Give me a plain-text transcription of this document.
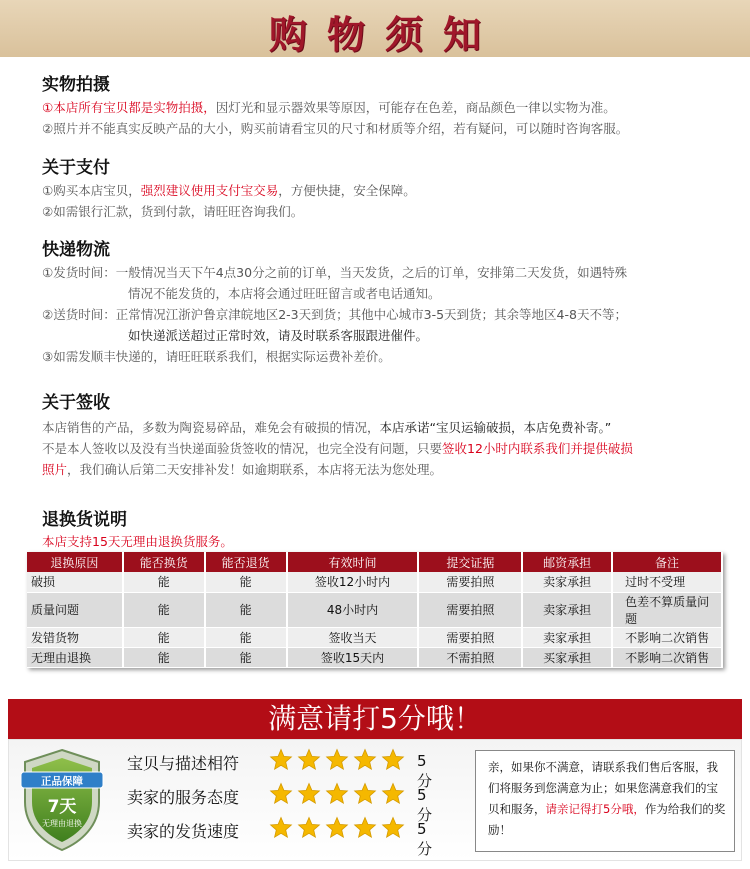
购物须知
实物拍摄
①本店所有宝贝都是实物拍摄，因灯光和显示器效果等原因，可能存在色差，商品颜色一律以实物为准。
②照片并不能真实反映产品的大小，购买前请看宝贝的尺寸和材质等介绍，若有疑问，可以随时咨询客服。
关于支付
①购买本店宝贝，强烈建议使用支付宝交易，方便快捷，安全保障。
②如需银行汇款，货到付款，请旺旺咨询我们。
快递物流
①发货时间：一般情况当天下午4点30分之前的订单，当天发货，之后的订单，安排第二天发货，如遇特殊
情况不能发货的，本店将会通过旺旺留言或者电话通知。
②送货时间：正常情况江浙沪鲁京津皖地区2-3天到货；其他中心城市3-5天到货；其余等地区4-8天不等；
如快递派送超过正常时效，请及时联系客服跟进催件。
③如需发顺丰快递的，请旺旺联系我们，根据实际运费补差价。
关于签收
本店销售的产品，多数为陶瓷易碎品，难免会有破损的情况，本店承诺“宝贝运输破损，本店免费补寄。”
不是本人签收以及没有当快递面验货签收的情况，也完全没有问题，只要签收12小时内联系我们并提供破损
照片，我们确认后第二天安排补发！如逾期联系，本店将无法为您处理。
退换货说明
本店支持15天无理由退换货服务。
退换原因	能否换货	能否退货	有效时间	提交证据	邮资承担	备注
破损	能	能	签收12小时内	需要拍照	卖家承担	过时不受理
质量问题	能	能	48小时内	需要拍照	卖家承担	色差不算质量问题
发错货物	能	能	签收当天	需要拍照	卖家承担	不影响二次销售
无理由退换	能	能	签收15天内	不需拍照	买家承担	不影响二次销售
满意请打5分哦！
正品保障
7天
无理由退换
宝贝与描述相符	5分
卖家的服务态度	5分
卖家的发货速度	5分
亲，如果你不满意，请联系我们售后客服，我们将服务到您满意为止；如果您满意我们的宝贝和服务，请亲记得打5分哦，作为给我们的奖励！
